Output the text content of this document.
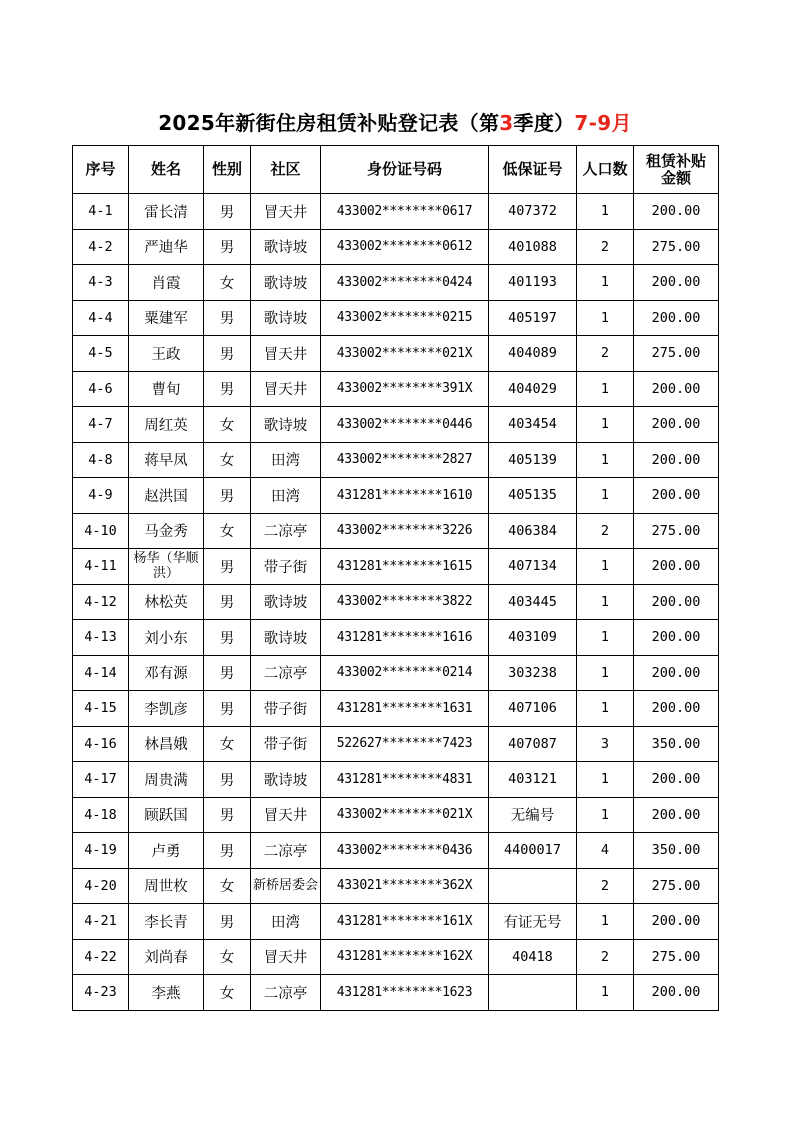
2025年新街住房租赁补贴登记表（第3季度）7-9月
序号	姓名	性别	社区	身份证号码	低保证号	人口数	租赁补贴金额
4-1	雷长清	男	冒天井	433002********0617	407372	1	200.00
4-2	严迪华	男	歌诗坡	433002********0612	401088	2	275.00
4-3	肖霞	女	歌诗坡	433002********0424	401193	1	200.00
4-4	粟建军	男	歌诗坡	433002********0215	405197	1	200.00
4-5	王政	男	冒天井	433002********021X	404089	2	275.00
4-6	曹旬	男	冒天井	433002********391X	404029	1	200.00
4-7	周红英	女	歌诗坡	433002********0446	403454	1	200.00
4-8	蒋早凤	女	田湾	433002********2827	405139	1	200.00
4-9	赵洪国	男	田湾	431281********1610	405135	1	200.00
4-10	马金秀	女	二凉亭	433002********3226	406384	2	275.00
4-11	杨华（华顺洪）	男	带子街	431281********1615	407134	1	200.00
4-12	林松英	男	歌诗坡	433002********3822	403445	1	200.00
4-13	刘小东	男	歌诗坡	431281********1616	403109	1	200.00
4-14	邓有源	男	二凉亭	433002********0214	303238	1	200.00
4-15	李凯彦	男	带子街	431281********1631	407106	1	200.00
4-16	林昌娥	女	带子街	522627********7423	407087	3	350.00
4-17	周贵满	男	歌诗坡	431281********4831	403121	1	200.00
4-18	顾跃国	男	冒天井	433002********021X	无编号	1	200.00
4-19	卢勇	男	二凉亭	433002********0436	4400017	4	350.00
4-20	周世枚	女	新桥居委会	433021********362X		2	275.00
4-21	李长青	男	田湾	431281********161X	有证无号	1	200.00
4-22	刘尚春	女	冒天井	431281********162X	40418	2	275.00
4-23	李燕	女	二凉亭	431281********1623		1	200.00
